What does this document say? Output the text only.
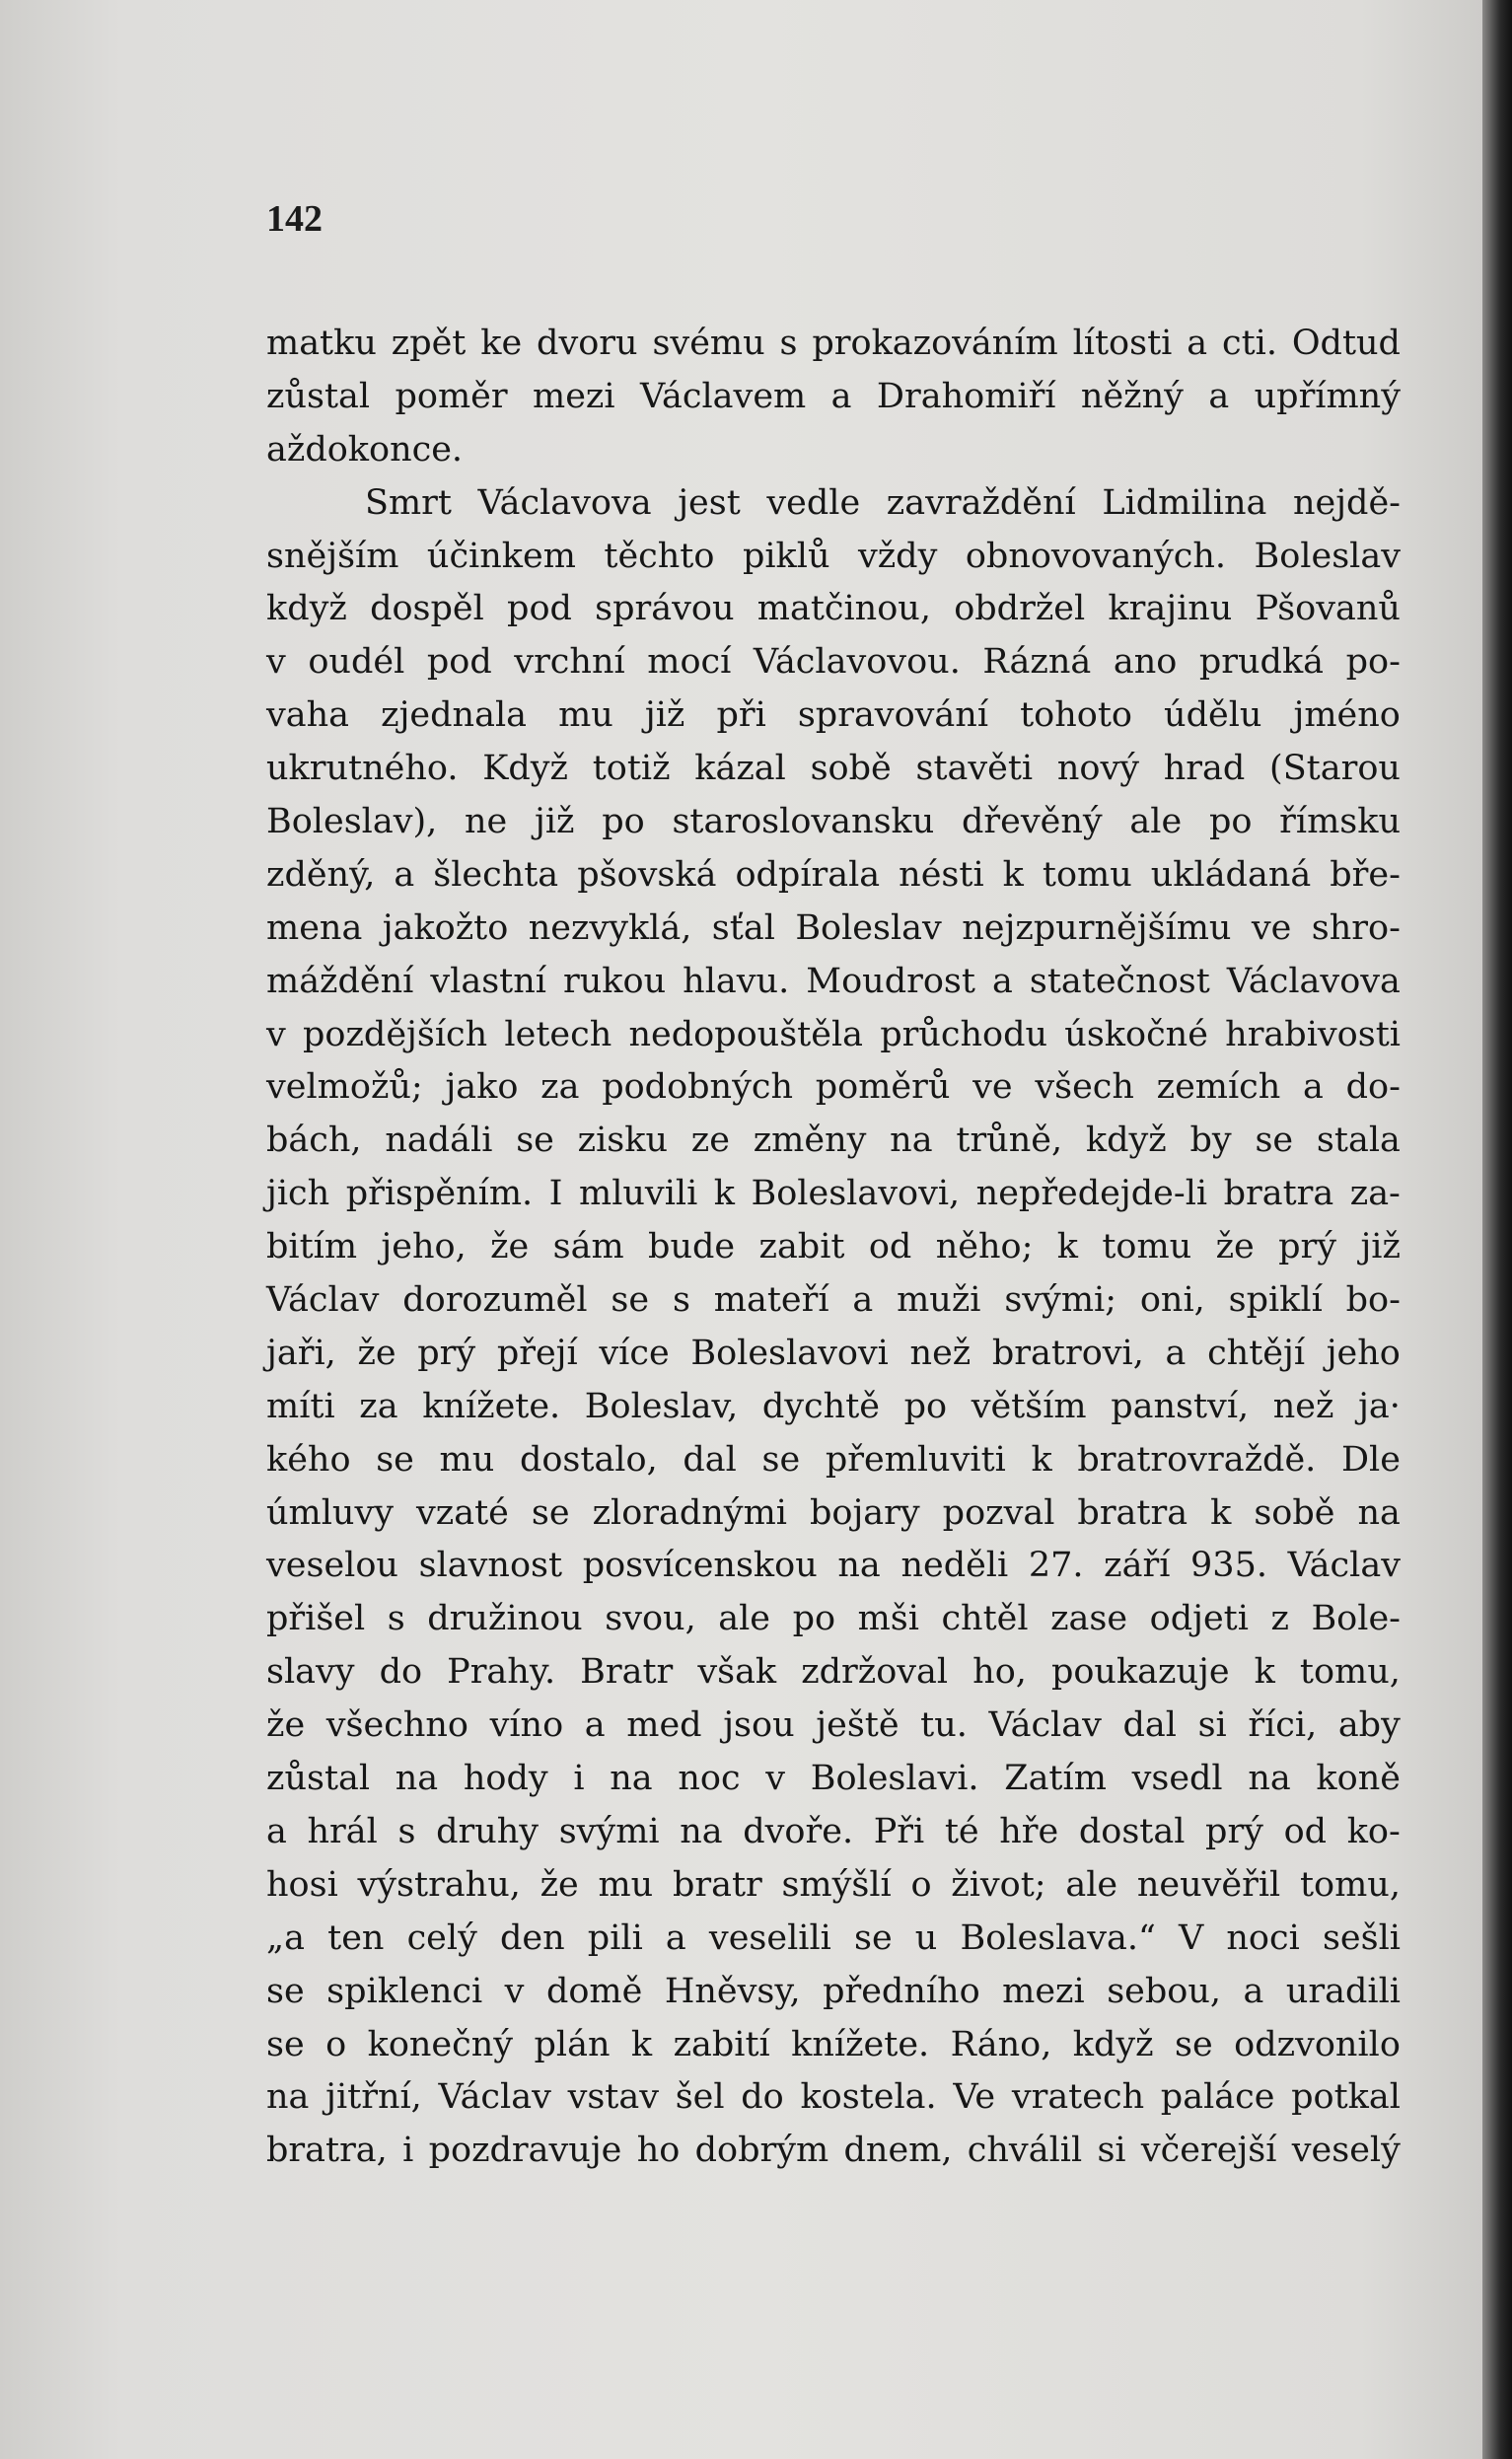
142
matku zpět ke dvoru svému s prokazováním lítosti a cti. Odtud
zůstal poměr mezi Václavem a Drahomiří něžný a upřímný
až do konce.
Smrt Václavova jest vedle zavraždění Lidmilina nejdě-
snějším účinkem těchto piklů vždy obnovovaných. Boleslav
když dospěl pod správou matčinou, obdržel krajinu Pšovanů
v oudél pod vrchní mocí Václavovou. Rázná ano prudká po-
vaha zjednala mu již při spravování tohoto údělu jméno
ukrutného. Když totiž kázal sobě stavěti nový hrad (Starou
Boleslav), ne již po staroslovansku dřevěný ale po římsku
zděný, a šlechta pšovská odpírala nésti k tomu ukládaná bře-
mena jakožto nezvyklá, sťal Boleslav nejzpurnějšímu ve shro-
máždění vlastní rukou hlavu. Moudrost a statečnost Václavova
v pozdějších letech nedopouštěla průchodu úskočné hrabivosti
velmožů; jako za podobných poměrů ve všech zemích a do-
bách, nadáli se zisku ze změny na trůně, když by se stala
jich přispěním. I mluvili k Boleslavovi, nepředejde-li bratra za-
bitím jeho, že sám bude zabit od něho; k tomu že prý již
Václav dorozuměl se s mateří a muži svými; oni, spiklí bo-
jaři, že prý přejí více Boleslavovi než bratrovi, a chtějí jeho
míti za knížete. Boleslav, dychtě po větším panství, než ja·
kého se mu dostalo, dal se přemluviti k bratrovraždě. Dle
úmluvy vzaté se zloradnými bojary pozval bratra k sobě na
veselou slavnost posvícenskou na neděli 27. září 935. Václav
přišel s družinou svou, ale po mši chtěl zase odjeti z Bole-
slavy do Prahy. Bratr však zdržoval ho, poukazuje k tomu,
že všechno víno a med jsou ještě tu. Václav dal si říci, aby
zůstal na hody i na noc v Boleslavi. Zatím vsedl na koně
a hrál s druhy svými na dvoře. Při té hře dostal prý od ko-
hosi výstrahu, že mu bratr smýšlí o život; ale neuvěřil tomu,
„a ten celý den pili a veselili se u Boleslava.“ V noci sešli
se spiklenci v domě Hněvsy, předního mezi sebou, a uradili
se o konečný plán k zabití knížete. Ráno, když se odzvonilo
na jitřní, Václav vstav šel do kostela. Ve vratech paláce potkal
bratra, i pozdravuje ho dobrým dnem, chválil si včerejší veselý
